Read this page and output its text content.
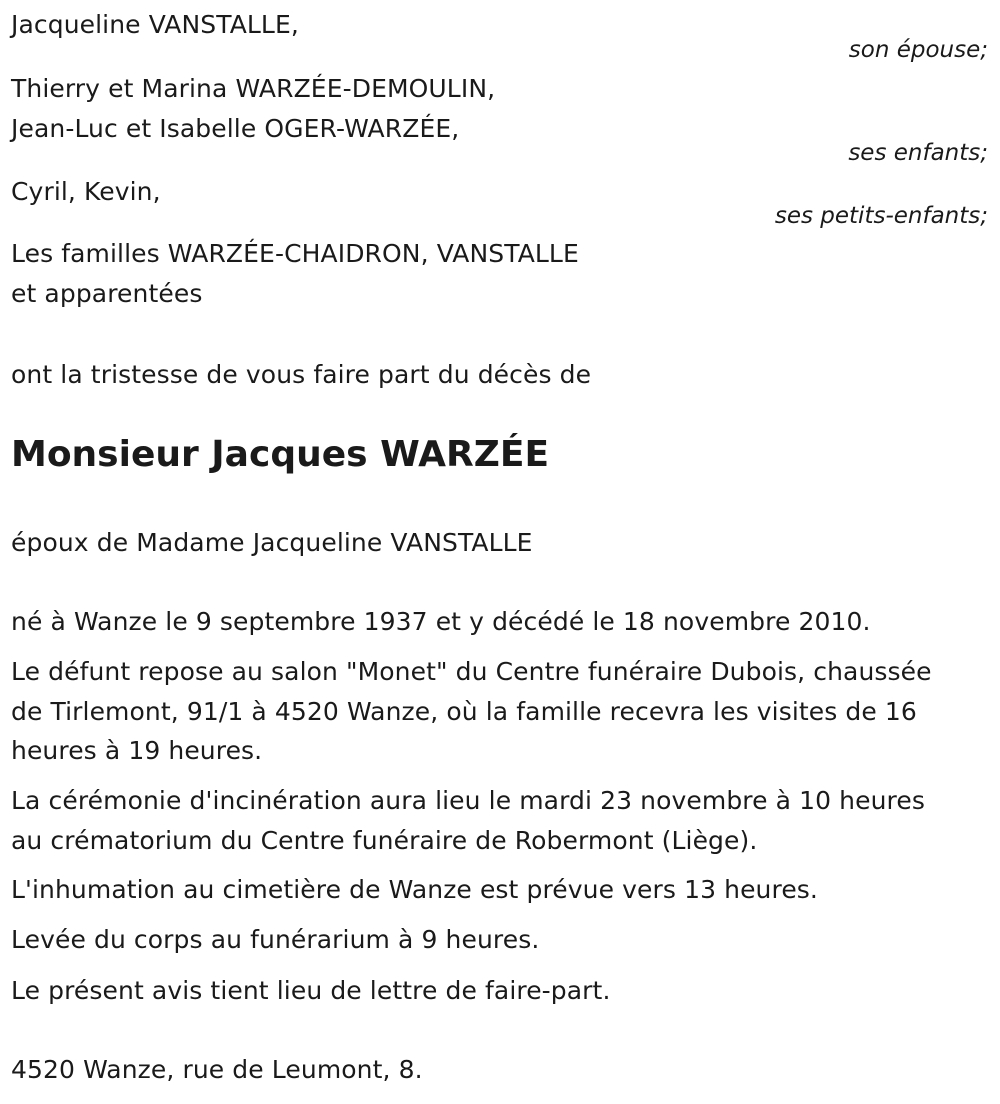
Jacqueline VANSTALLE,
son épouse;
Thierry et Marina WARZÉE-DEMOULIN,
Jean-Luc et Isabelle OGER-WARZÉE,
ses enfants;
Cyril, Kevin,
ses petits-enfants;
Les familles WARZÉE-CHAIDRON, VANSTALLE
et apparentées
ont la tristesse de vous faire part du décès de
Monsieur Jacques WARZÉE
époux de Madame Jacqueline VANSTALLE
né à Wanze le 9 septembre 1937 et y décédé le 18 novembre 2010.
Le défunt repose au salon "Monet" du Centre funéraire Dubois, chaussée
de Tirlemont, 91/1 à 4520 Wanze, où la famille recevra les visites de 16
heures à 19 heures.
La cérémonie d'incinération aura lieu le mardi 23 novembre à 10 heures
au crématorium du Centre funéraire de Robermont (Liège).
L'inhumation au cimetière de Wanze est prévue vers 13 heures.
Levée du corps au funérarium à 9 heures.
Le présent avis tient lieu de lettre de faire-part.
4520 Wanze, rue de Leumont, 8.
